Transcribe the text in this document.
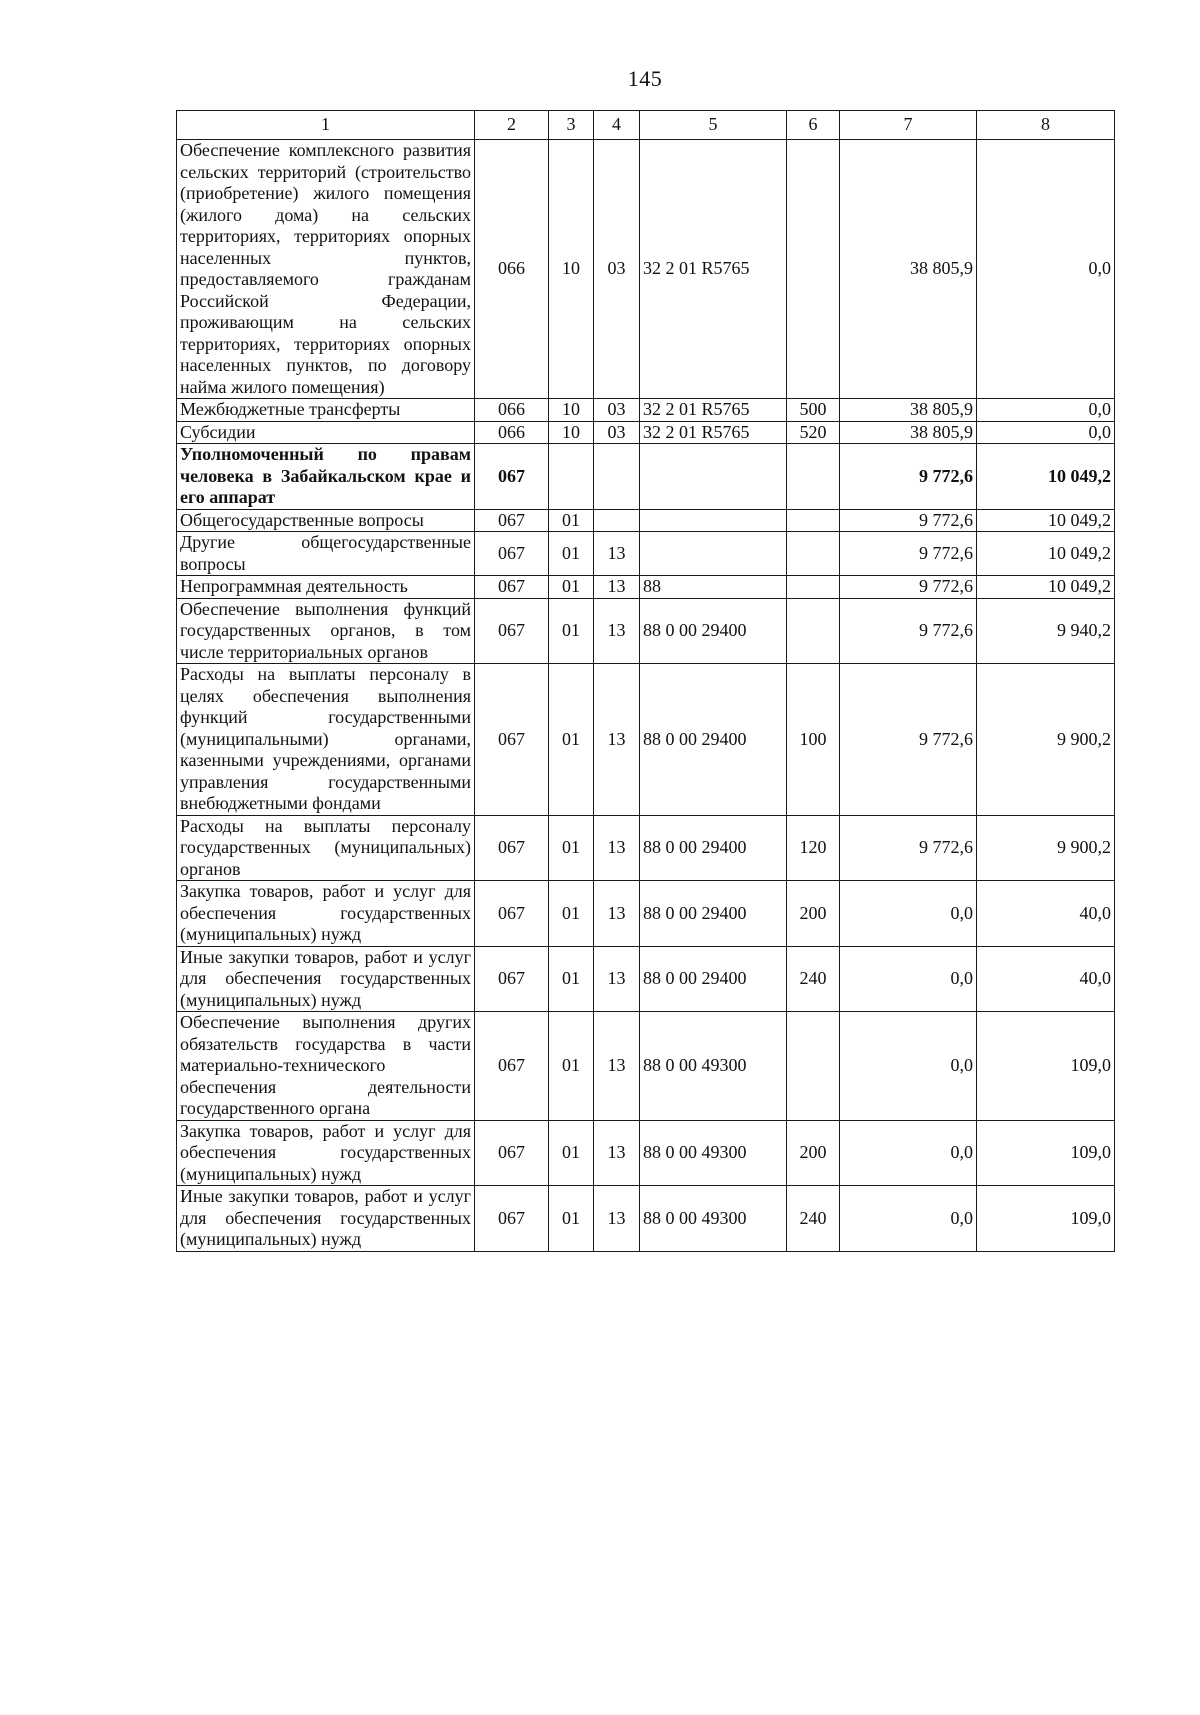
145
1	2	3	4	5	6	7	8
Обеспечение комплексного развития сельских территорий (строительство (приобретение) жилого помещения (жилого дома) на сельских территориях, территориях опорных населенных пунктов, предоставляемого гражданам Российской Федерации, проживающим на сельских территориях, территориях опорных населенных пунктов, по договору найма жилого помещения)	066	10	03	32 2 01 R5765		38 805,9	0,0
Межбюджетные трансферты	066	10	03	32 2 01 R5765	500	38 805,9	0,0
Субсидии	066	10	03	32 2 01 R5765	520	38 805,9	0,0
Уполномоченный по правам человека в Забайкальском крае и его аппарат	067					9 772,6	10 049,2
Общегосударственные вопросы	067	01				9 772,6	10 049,2
Другие общегосударственные вопросы	067	01	13			9 772,6	10 049,2
Непрограммная деятельность	067	01	13	88		9 772,6	10 049,2
Обеспечение выполнения функций государственных органов, в том числе территориальных органов	067	01	13	88 0 00 29400		9 772,6	9 940,2
Расходы на выплаты персоналу в целях обеспечения выполнения функций государственными (муниципальными) органами, казенными учреждениями, органами управления государственными внебюджетными фондами	067	01	13	88 0 00 29400	100	9 772,6	9 900,2
Расходы на выплаты персоналу государственных (муниципальных) органов	067	01	13	88 0 00 29400	120	9 772,6	9 900,2
Закупка товаров, работ и услуг для обеспечения государственных (муниципальных) нужд	067	01	13	88 0 00 29400	200	0,0	40,0
Иные закупки товаров, работ и услуг для обеспечения государственных (муниципальных) нужд	067	01	13	88 0 00 29400	240	0,0	40,0
Обеспечение выполнения других обязательств государства в части материально-технического обеспечения деятельности государственного органа	067	01	13	88 0 00 49300		0,0	109,0
Закупка товаров, работ и услуг для обеспечения государственных (муниципальных) нужд	067	01	13	88 0 00 49300	200	0,0	109,0
Иные закупки товаров, работ и услуг для обеспечения государственных (муниципальных) нужд	067	01	13	88 0 00 49300	240	0,0	109,0
